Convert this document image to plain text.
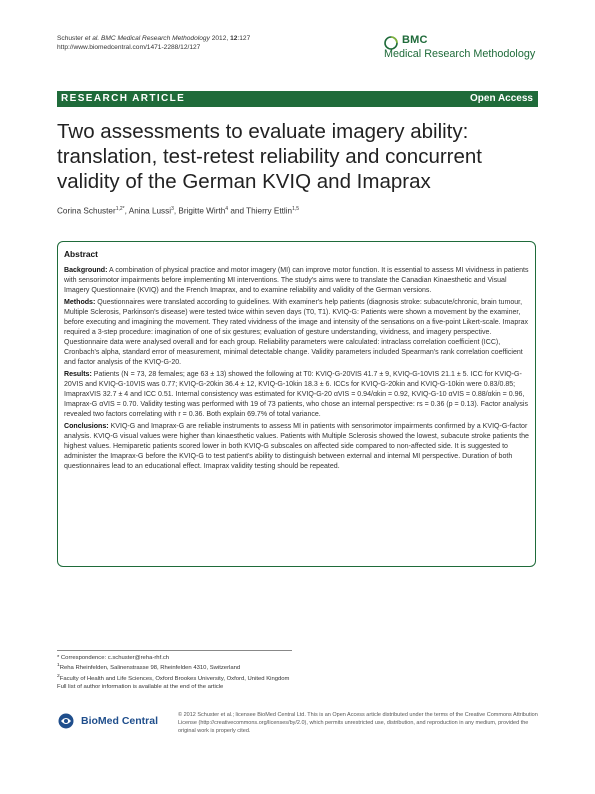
Schuster et al. BMC Medical Research Methodology 2012, 12:127
http://www.biomedcentral.com/1471-2288/12/127
BMC
Medical Research Methodology
RESEARCH ARTICLE	Open Access
Two assessments to evaluate imagery ability: translation, test-retest reliability and concurrent validity of the German KVIQ and Imaprax
Corina Schuster$^{1,2*}$, Anina Lussi$^3$, Brigitte Wirth$^4$ and Thierry Ettlin$^{1,5}$
Abstract

Background: A combination of physical practice and motor imagery (MI) can improve motor function. It is essential to assess MI vividness in patients with sensorimotor impairments before implementing MI interventions. The study's aims were to translate the Canadian Kinaesthetic and Visual Imagery Questionnaire (KVIQ) and the French Imaprax, and to examine reliability and validity of the German versions.

Methods: Questionnaires were translated according to guidelines. With examiner's help patients (diagnosis stroke: subacute/chronic, brain tumour, Multiple Sclerosis, Parkinson's disease) were tested twice within seven days (T0, T1). KVIQ-G: Patients were shown a movement by the examiner, before executing and imagining the movement. They rated vividness of the image and intensity of the sensations on a five-point Likert-scale. Imaprax required a 3-step procedure: imagination of one of six gestures; evaluation of gesture understanding, vividness, and imagery perspective. Questionnaire data were analysed overall and for each group. Reliability parameters were calculated: intraclass correlation coefficient (ICC), Cronbach's alpha, standard error of measurement, minimal detectable change. Validity parameters included Spearman's rank correlation coefficient and factor analysis of the KVIQ-G-20.

Results: Patients (N = 73, 28 females; age 63 ± 13) showed the following at T0: KVIQ-G-20VIS 41.7 ± 9, KVIQ-G-10VIS 21.1 ± 5. ICC for KVIQ-G-20VIS and KVIQ-G-10VIS was 0.77; KVIQ-G-20kin 36.4 ± 12, KVIQ-G-10kin 18.3 ± 6. ICCs for KVIQ-G-20kin and KVIQ-G-10kin were 0.83/0.85; ImapraxVIS 32.7 ± 4 and ICC 0.51. Internal consistency was estimated for KVIQ-G-20 αVIS = 0.94/αkin = 0.92, KVIQ-G-10 αVIS = 0.88/αkin = 0.96, Imaprax-G αVIS = 0.70. Validity testing was performed with 19 of 73 patients, who chose an internal perspective: rs = 0.36 (p = 0.13). Factor analysis revealed two factors correlating with r = 0.36. Both explain 69.7% of total variance.

Conclusions: KVIQ-G and Imaprax-G are reliable instruments to assess MI in patients with sensorimotor impairments confirmed by a KVIQ-G-factor analysis. KVIQ-G visual values were higher than kinaesthetic values. Patients with Multiple Sclerosis showed the lowest, subacute stroke patients the highest values. Hemiparetic patients scored lower in both KVIQ-G subscales on affected side compared to non-affected side. It is suggested to administer the Imaprax-G before the KVIQ-G to test patient's ability to distinguish between external and internal MI perspective. Duration of both questionnaires lead to an educational effect. Imaprax validity testing should be repeated.

* Correspondence: c.schuster@reha-rhf.ch

$^1$Reha Rheinfelden, Salinenstrasse 98, Rheinfelden 4310, Switzerland

$^2$Faculty of Health and Life Sciences, Oxford Brookes University, Oxford, United Kingdom

Full list of author information is available at the end of the article

BioMed Central	© 2012 Schuster et al.; licensee BioMed Central Ltd. This is an Open Access article distributed under the terms of the Creative Commons Attribution License (http://creativecommons.org/licenses/by/2.0), which permits unrestricted use, distribution, and reproduction in any medium, provided the original work is properly cited.
